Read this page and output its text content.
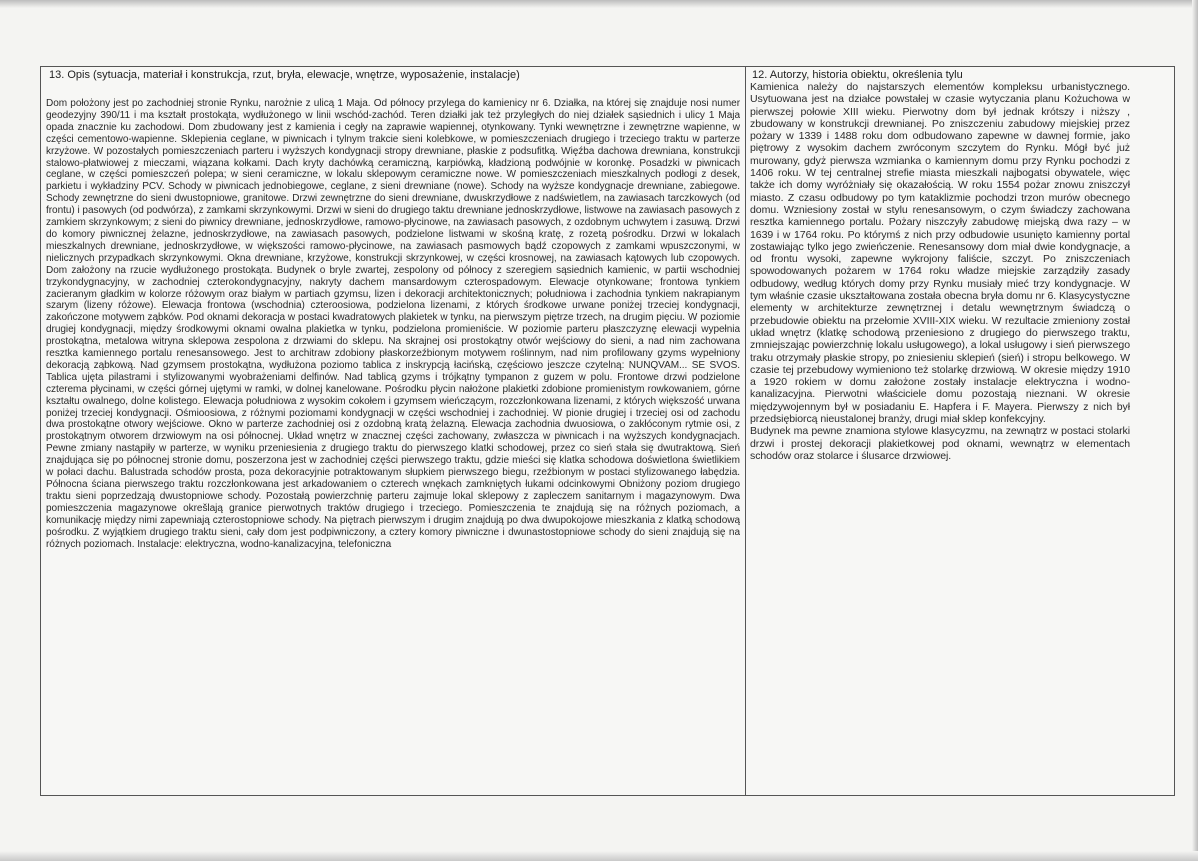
13. Opis (sytuacja, materiał i konstrukcja, rzut, bryła, elewacje, wnętrze, wyposażenie, instalacje)

Dom położony jest po zachodniej stronie Rynku, narożnie z ulicą 1 Maja. Od północy przylega do kamienicy nr 6. Działka, na której się znajduje nosi numer geodezyjny 390/11 i ma kształt prostokąta, wydłużonego w linii wschód-zachód. Teren działki jak też przyległych do niej działek sąsiednich i ulicy 1 Maja opada znacznie ku zachodowi. Dom zbudowany jest z kamienia i cegły na zaprawie wapiennej, otynkowany. Tynki wewnętrzne i zewnętrzne wapienne, w części cementowo-wapienne. Sklepienia ceglane, w piwnicach i tylnym trakcie sieni kolebkowe, w pomieszczeniach drugiego i trzeciego traktu w parterze krzyżowe. W pozostałych pomieszczeniach parteru i wyższych kondygnacji stropy drewniane, płaskie z podsufitką. Więźba dachowa drewniana, konstrukcji stalowo-płatwiowej z mieczami, wiązana kołkami. Dach kryty dachówką ceramiczną, karpiówką, kładzioną podwójnie w koronkę. Posadzki w piwnicach ceglane, w części pomieszczeń polepa; w sieni ceramiczne, w lokalu sklepowym ceramiczne nowe. W pomieszczeniach mieszkalnych podłogi z desek, parkietu i wykładziny PCV. Schody w piwnicach jednobiegowe, ceglane, z sieni drewniane (nowe). Schody na wyższe kondygnacje drewniane, zabiegowe. Schody zewnętrzne do sieni dwustopniowe, granitowe. Drzwi zewnętrzne do sieni drewniane, dwuskrzydłowe z nadświetlem, na zawiasach tarczkowych (od frontu) i pasowych (od podwórza), z zamkami skrzynkowymi. Drzwi w sieni do drugiego taktu drewniane jednoskrzydłowe, listwowe na zawiasach pasowych z zamkiem skrzynkowym; z sieni do piwnicy drewniane, jednoskrzydłowe, ramowo-płycinowe, na zawiasach pasowych, z ozdobnym uchwytem i zasuwą. Drzwi do komory piwnicznej żelazne, jednoskrzydłowe, na zawiasach pasowych, podzielone listwami w skośną kratę, z rozetą pośrodku. Drzwi w lokalach mieszkalnych drewniane, jednoskrzydłowe, w większości ramowo-płycinowe, na zawiasach pasmowych bądź czopowych z zamkami wpuszczonymi, w nielicznych przypadkach skrzynkowymi. Okna drewniane, krzyżowe, konstrukcji skrzynkowej, w części krosnowej, na zawiasach kątowych lub czopowych. Dom założony na rzucie wydłużonego prostokąta. Budynek o bryle zwartej, zespolony od północy z szeregiem sąsiednich kamienic, w partii wschodniej trzykondygnacyjny, w zachodniej czterokondygnacyjny, nakryty dachem mansardowym czterospadowym. Elewacje otynkowane; frontowa tynkiem zacieranym gładkim w kolorze różowym oraz białym w partiach gzymsu, lizen i dekoracji architektonicznych; południowa i zachodnia tynkiem nakrapianym szarym (lizeny różowe). Elewacja frontowa (wschodnia) czteroosiowa, podzielona lizenami, z których środkowe urwane poniżej trzeciej kondygnacji, zakończone motywem ząbków. Pod oknami dekoracja w postaci kwadratowych plakietek w tynku, na pierwszym piętrze trzech, na drugim pięciu. W poziomie drugiej kondygnacji, między środkowymi oknami owalna plakietka w tynku, podzielona promieniście. W poziomie parteru płaszczyznę elewacji wypełnia prostokątna, metalowa witryna sklepowa zespolona z drzwiami do sklepu. Na skrajnej osi prostokątny otwór wejściowy do sieni, a nad nim zachowana resztka kamiennego portalu renesansowego. Jest to architraw zdobiony płaskorzeźbionym motywem roślinnym, nad nim profilowany gzyms wypełniony dekoracją ząbkową. Nad gzymsem prostokątna, wydłużona poziomo tablica z inskrypcją łacińską, częściowo jeszcze czytelną: NUNQVAM... SE SVOS. Tablica ujęta pilastrami i stylizowanymi wyobrażeniami delfinów. Nad tablicą gzyms i trójkątny tympanon z guzem w polu. Frontowe drzwi podzielone czterema płycinami, w części górnej ujętymi w ramki, w dolnej kanelowane. Pośrodku płycin nałożone plakietki zdobione promienistym rowkowaniem, górne kształtu owalnego, dolne kolistego. Elewacja południowa z wysokim cokołem i gzymsem wieńczącym, rozczłonkowana lizenami, z których większość urwana poniżej trzeciej kondygnacji. Ośmioosiowa, z różnymi poziomami kondygnacji w części wschodniej i zachodniej. W pionie drugiej i trzeciej osi od zachodu dwa prostokątne otwory wejściowe. Okno w parterze zachodniej osi z ozdobną kratą żelazną. Elewacja zachodnia dwuosiowa, o zakłóconym rytmie osi, z prostokątnym otworem drzwiowym na osi północnej. Układ wnętrz w znacznej części zachowany, zwłaszcza w piwnicach i na wyższych kondygnacjach. Pewne zmiany nastąpiły w parterze, w wyniku przeniesienia z drugiego traktu do pierwszego klatki schodowej, przez co sień stała się dwutraktową. Sień znajdująca się po północnej stronie domu, poszerzona jest w zachodniej części pierwszego traktu, gdzie mieści się klatka schodowa doświetlona świetlikiem w połaci dachu. Balustrada schodów prosta, poza dekoracyjnie potraktowanym słupkiem pierwszego biegu, rzeźbionym w postaci stylizowanego łabędzia. Północna ściana pierwszego traktu rozczłonkowana jest arkadowaniem o czterech wnękach zamkniętych łukami odcinkowymi Obniżony poziom drugiego traktu sieni poprzedzają dwustopniowe schody. Pozostałą powierzchnię parteru zajmuje lokal sklepowy z zapleczem sanitarnym i magazynowym. Dwa pomieszczenia magazynowe okrešlają granice pierwotnych traktów drugiego i trzeciego. Pomieszczenia te znajdują się na różnych poziomach, a komunikację między nimi zapewniają czterostopniowe schody. Na piętrach pierwszym i drugim znajdują po dwa dwupokojowe mieszkania z klatką schodową pośrodku. Z wyjątkiem drugiego traktu sieni, cały dom jest podpiwniczony, a cztery komory piwniczne i dwunastostopniowe schody do sieni znajdują się na różnych poziomach. Instalacje: elektryczna, wodno-kanalizacyjna, telefoniczna

12. Autorzy, historia obiektu, określenia tylu

Kamienica należy do najstarszych elementów kompleksu urbanistycznego. Usytuowana jest na działce powstałej w czasie wytyczania planu Kożuchowa w pierwszej połowie XIII wieku. Pierwotny dom był jednak krótszy i niższy , zbudowany w konstrukcji drewnianej. Po zniszczeniu zabudowy miejskiej przez pożary w 1339 i 1488 roku dom odbudowano zapewne w dawnej formie, jako piętrowy z wysokim dachem zwróconym szczytem do Rynku. Mógł być już murowany, gdyż pierwsza wzmianka o kamiennym domu przy Rynku pochodzi z 1406 roku. W tej centralnej strefie miasta mieszkali najbogatsi obywatele, więc także ich domy wyróżniały się okazałością. W roku 1554 pożar znowu zniszczył miasto. Z czasu odbudowy po tym kataklizmie pochodzi trzon murów obecnego domu. Wzniesiony został w stylu renesansowym, o czym świadczy zachowana resztka kamiennego portalu. Pożary niszczyły zabudowę miejską dwa razy – w 1639 i w 1764 roku. Po którymś z nich przy odbudowie usunięto kamienny portal zostawiając tylko jego zwieńczenie. Renesansowy dom miał dwie kondygnacje, a od frontu wysoki, zapewne wykrojony faliście, szczyt. Po zniszczeniach spowodowanych pożarem w 1764 roku władze miejskie zarządziły zasady odbudowy, według których domy przy Rynku musiały mieć trzy kondygnacje. W tym właśnie czasie ukształtowana została obecna bryła domu nr 6. Klasycystyczne elementy w architekturze zewnętrznej i detalu wewnętrznym świadczą o przebudowie obiektu na przełomie XVIII-XIX wieku. W rezultacie zmieniony został układ wnętrz (klatkę schodową przeniesiono z drugiego do pierwszego traktu, zmniejszając powierzchnię lokalu usługowego), a lokal usługowy i sień pierwszego traku otrzymały płaskie stropy, po zniesieniu sklepień (sień) i stropu belkowego. W czasie tej przebudowy wymieniono też stolarkę drzwiową. W okresie między 1910 a 1920 rokiem w domu założone zostały instalacje elektryczna i wodno-kanalizacyjna. Pierwotni właściciele domu pozostają nieznani. W okresie międzywojennym był w posiadaniu E. Hapfera i F. Mayera. Pierwszy z nich był przedsiębiorcą nieustalonej branży, drugi miał sklep konfekcyjny.

Budynek ma pewne znamiona stylowe klasycyzmu, na zewnątrz w postaci stolarki drzwi i prostej dekoracji plakietkowej pod oknami, wewnątrz w elementach schodów oraz stolarce i ślusarce drzwiowej.
